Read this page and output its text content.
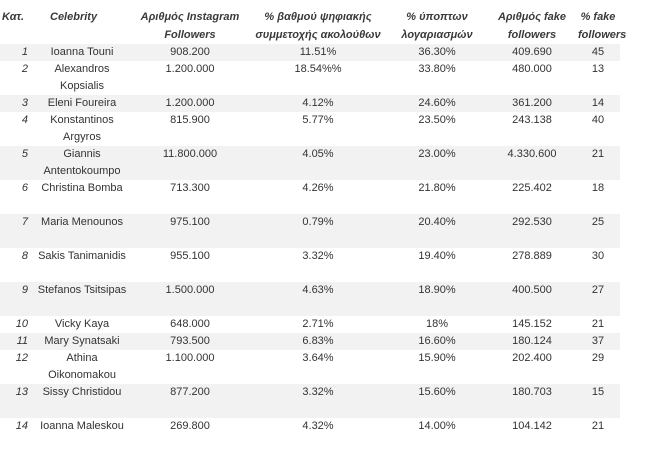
Κατ.	Celebrity	Αριθμός Instagram Followers	% βαθμού ψηφιακής συμμετοχής ακολούθων	% ύποπτων λογαριασμών	Αριθμός fake followers	% fake followers
1	Ioanna Touni	908.200	11.51%	36.30%	409.690	45
2	Alexandros Kopsialis	1.200.000	18.54%%	33.80%	480.000	13
3	Eleni Foureira	1.200.000	4.12%	24.60%	361.200	14
4	Konstantinos Argyros	815.900	5.77%	23.50%	243.138	40
5	Giannis Antentokoumpo	11.800.000	4.05%	23.00%	4.330.600	21
6	Christina Bomba	713.300	4.26%	21.80%	225.402	18
7	Maria Menounos	975.100	0.79%	20.40%	292.530	25
8	Sakis Tanimanidis	955.100	3.32%	19.40%	278.889	30
9	Stefanos Tsitsipas	1.500.000	4.63%	18.90%	400.500	27
10	Vicky Kaya	648.000	2.71%	18%	145.152	21
11	Mary Synatsaki	793.500	6.83%	16.60%	180.124	37
12	Athina Oikonomakou	1.100.000	3.64%	15.90%	202.400	29
13	Sissy Christidou	877.200	3.32%	15.60%	180.703	15
14	Ioanna Maleskou	269.800	4.32%	14.00%	104.142	21
